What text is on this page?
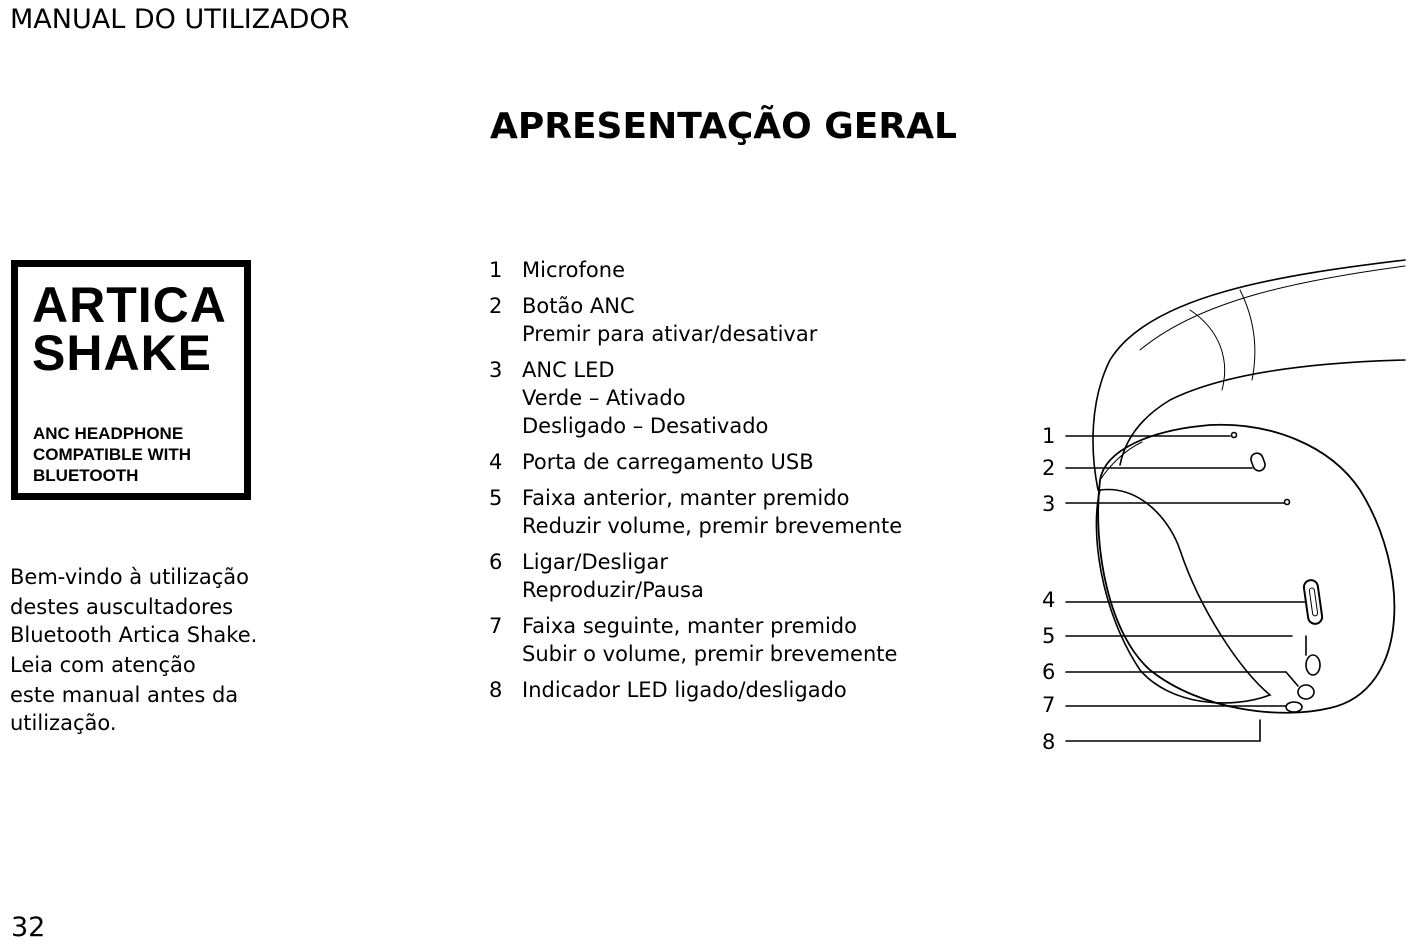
MANUAL DO UTILIZADOR
APRESENTAÇÃO GERAL
ARTICA
SHAKE
ANC HEADPHONE
COMPATIBLE WITH
BLUETOOTH
Bem-vindo à utilização
destes auscultadores
Bluetooth Artica Shake.
Leia com atenção
este manual antes da
utilização.
1 Microfone
2 Botão ANC
Premir para ativar/desativar
3 ANC LED
Verde – Ativado
Desligado – Desativado
4 Porta de carregamento USB
5 Faixa anterior, manter premido
Reduzir volume, premir brevemente
6 Ligar/Desligar
Reproduzir/Pausa
7 Faixa seguinte, manter premido
Subir o volume, premir brevemente
8 Indicador LED ligado/desligado
1
2
3
4
5
6
7
8
32
